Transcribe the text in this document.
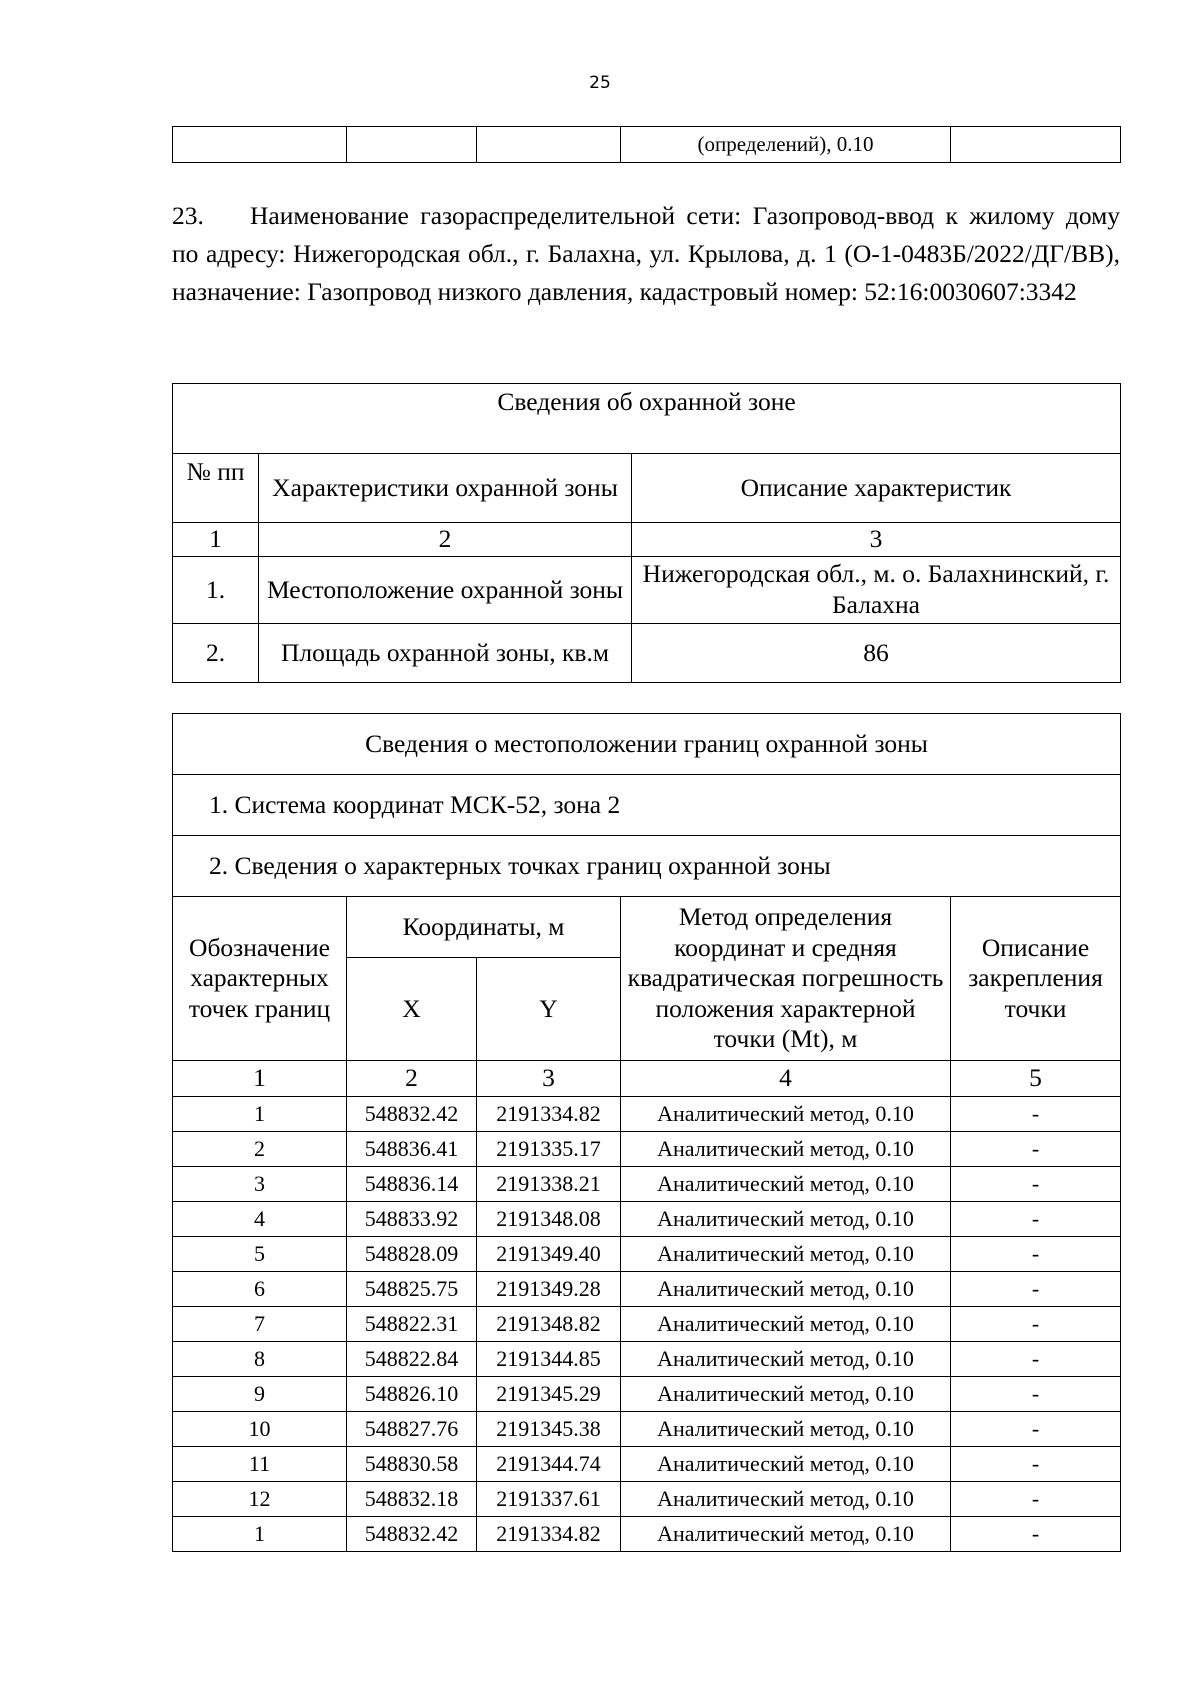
25
			(определений), 0.10	
23. Наименование газораспределительной сети: Газопровод-ввод к жилому дому по адресу: Нижегородская обл., г. Балахна, ул. Крылова, д. 1 (О-1-0483Б/2022/ДГ/ВВ), назначение: Газопровод низкого давления, кадастровый номер: 52:16:0030607:3342
Сведения об охранной зоне		
№ пп	Характеристики охранной зоны	Описание характеристик
1	2	3
1.	Местоположение охранной зоны	Нижегородская обл., м. о. Балахнинский, г. Балахна
2.	Площадь охранной зоны, кв.м	86
Сведения о местоположении границ охранной зоны				
1. Система координат МСК-52, зона 2				
2. Сведения о характерных точках границ охранной зоны				
Обозначение характерных точек границ	Координаты, м		Метод определения координат и средняя квадратическая погрешность положения характерной точки (Mt), м	Описание закрепления точки
	X	Y		
1	2	3	4	5
1	548832.42	2191334.82	Аналитический метод, 0.10	-
2	548836.41	2191335.17	Аналитический метод, 0.10	-
3	548836.14	2191338.21	Аналитический метод, 0.10	-
4	548833.92	2191348.08	Аналитический метод, 0.10	-
5	548828.09	2191349.40	Аналитический метод, 0.10	-
6	548825.75	2191349.28	Аналитический метод, 0.10	-
7	548822.31	2191348.82	Аналитический метод, 0.10	-
8	548822.84	2191344.85	Аналитический метод, 0.10	-
9	548826.10	2191345.29	Аналитический метод, 0.10	-
10	548827.76	2191345.38	Аналитический метод, 0.10	-
11	548830.58	2191344.74	Аналитический метод, 0.10	-
12	548832.18	2191337.61	Аналитический метод, 0.10	-
1	548832.42	2191334.82	Аналитический метод, 0.10	-
